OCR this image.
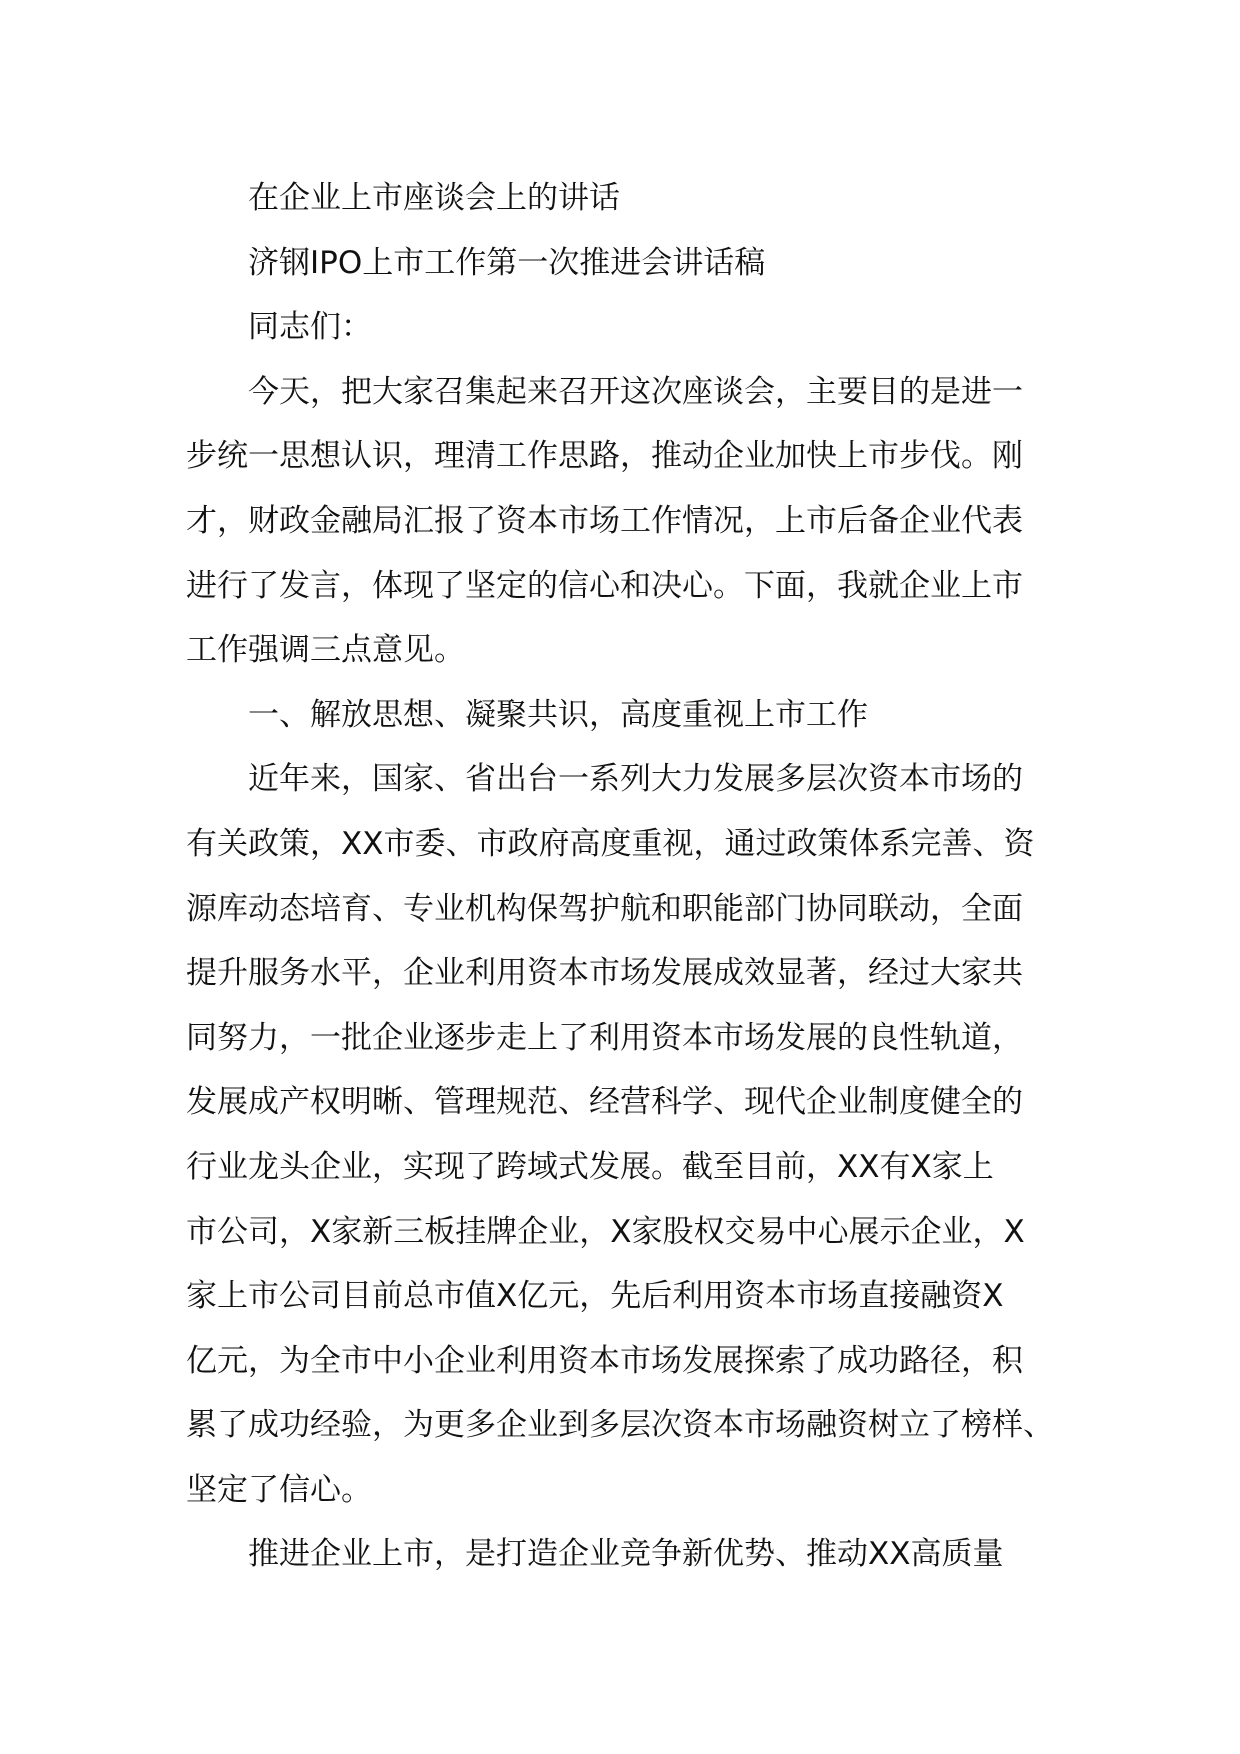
在企业上市座谈会上的讲话
济钢IPO上市工作第一次推进会讲话稿
同志们：
今天，把大家召集起来召开这次座谈会，主要目的是进一
步统一思想认识，理清工作思路，推动企业加快上市步伐。刚
才，财政金融局汇报了资本市场工作情况，上市后备企业代表
进行了发言，体现了坚定的信心和决心。下面，我就企业上市
工作强调三点意见。
一、解放思想、凝聚共识，高度重视上市工作
近年来，国家、省出台一系列大力发展多层次资本市场的
有关政策，XX市委、市政府高度重视，通过政策体系完善、资
源库动态培育、专业机构保驾护航和职能部门协同联动，全面
提升服务水平，企业利用资本市场发展成效显著，经过大家共
同努力，一批企业逐步走上了利用资本市场发展的良性轨道，
发展成产权明晰、管理规范、经营科学、现代企业制度健全的
行业龙头企业，实现了跨域式发展。截至目前，XX有X家上
市公司，X家新三板挂牌企业，X家股权交易中心展示企业，X
家上市公司目前总市值X亿元，先后利用资本市场直接融资X
亿元，为全市中小企业利用资本市场发展探索了成功路径，积
累了成功经验，为更多企业到多层次资本市场融资树立了榜样、
坚定了信心。
推进企业上市，是打造企业竞争新优势、推动XX高质量
